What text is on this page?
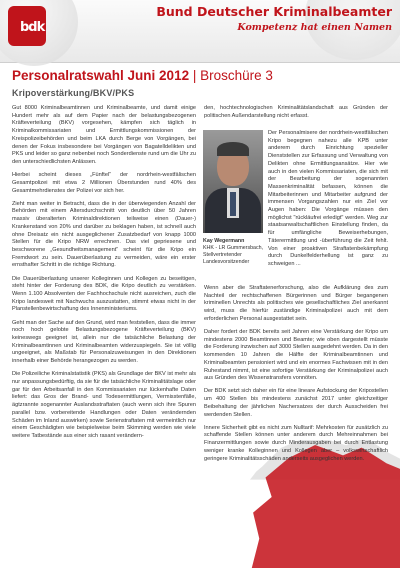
bdk
Bund Deutscher Kriminalbeamter
Kompetenz hat einen Namen
Personalratswahl Juni 2012 | Broschüre 3
Kripoverstärkung/BKV/PKS

Gut 8000 Kriminalbeamtinnen und Kriminalbeamte, und damit einige Hundert mehr als auf dem Papier nach der belastungsbezogenen Kräfteverteilung (BKV) vorgesehen, kämpfen sich täglich in Kriminalkommissariaten und Ermittlungskommissionen der Kreispolizeibehörden und beim LKA durch Berge von Vorgängen, bei denen der Fokus insbesondere bei Vorgängen von Bagatelldelikten und PKS und leider so ganz nebenbei noch Sonderdienste rund um die Uhr zu den unterschiedlichsten Anlässen.

Hierbei scheint dieses „Fünftel“ der nordrhein-westfälischen Gesamtpolizei mit etwa 2 Millionen Überstunden rund 40% des Gesamtmehrdienstes der Polizei vor sich her.

Zieht man weiter in Betracht, dass die in der überwiegenden Anzahl der Behörden mit einem Altersdurchschnitt von deutlich über 50 Jahren massiv überalterten Kriminaldirektionen teilweise einen (Dauer-) Krankenstand von 20% und darüber zu beklagen haben, ist schnell auch ohne Dreisatz ein nicht ausgeglichener Zusatzbedarf von knapp 1000 Stellen für die Kripo NRW errechnen. Das viel gepriesene und beschworene „Gesundheitsmanagement“ scheint für die Kripo ein Fremdwort zu sein. Dauerüberlastung zu vermeiden, wäre ein erster ernsthafter Schritt in die richtige Richtung.

Die Dauerüberlastung unserer Kolleginnen und Kollegen zu beseitigen, steht hinter der Forderung des BDK, die Kripo deutlich zu verstärken. Wenn 1.100 Absolventen der Fachhochschule nicht ausreichen, zuch die Kripo landesweit mit Nachwuchs auszustatten, stimmt etwas nicht in der Planstellenbewirtschaftung des Innenministeriums.

Geht man der Sache auf den Grund, wird man feststellen, dass die immer noch hoch gelobte Belastungsbezogene Kräfteverteilung (BKV) keineswegs geeignet ist, allein nur die tatsächliche Belastung der Kriminalbeamtinnen und Kriminalbeamten widerzuspiegeln. Sie ist völlig ungeeignet, als Maßstab für Personalzuweisungen in den Direktionen innerhalb einer Behörde herangezogen zu werden.

Die Polizeiliche Kriminalstatistik (PKS) als Grundlage der BKV ist mehr als nur anpassungsbedürftig, da sie für die tatsächliche Kriminalitätslage oder gar für den Arbeitsanfall in den Kommissariaten nur lückenhafte Daten liefert: das Gros der Brand- und Todesermittlungen, Vermisstenfälle, ägtzrannte sogenannter Auslandsstraftaten (auch wenn sich ihre Spuren parallel bzw. vorbereitende Handlungen oder Daten verändernden Schäden im Inland auswirken) sowie Serienstraftaten mit vermeintlich nur einem Geschädigten wie beispielweise beim Skimming werden wie viele weitere Tatbestände aus einer sich rasant verändern-

den, hochtechnologischen Kriminalitätslandschaft aus Gründen der politischen Außendarstellung nicht erfasst.

Der Personalmisere der nordrhein-westfälischen Kripo begegnen nahezu alle KPB unter anderem durch Einrichtung spezieller Dienststellen zur Erfassung und Verwaltung von Delikten ohne Ermittlungsansätze. Hier wie auch in den vielen Kommissariaten, die sich mit der Bearbeitung der sogenannten Massenkriminalität befassen, können die Mitarbeiterinnen und Mitarbeiter aufgrund der immensen Vorgangszahlen nur ein Ziel vor Augen haben: Die Vorgänge müssen den möglichst "rückläufrei erledigt" werden. Weg zur staatsanwaltschaftlichen Einstellung finden, da für umfängliche Beweiserhebungen, Täterermittlung und -überführung die Zeit fehlt. Von einer proaktiven Straftatenbekämpfung durch Dunkelfelderhellung ist ganz zu schweigen ...

Kay Wegermann
KHK - LR Gummersbach, Stellvertretender Landesvorsitzender

Wenn aber die Straftatenerforschung, also die Aufklärung des zum Nachteil der rechtschaffenen Bürgerinnen und Bürger begangenen kriminellen Unrechts als politisches wie gesellschaftliches Ziel anerkannt wird, muss die hierfür zuständige Kriminalpolizei auch mit dem erforderlichen Personal ausgestattet sein.

Daher fordert der BDK bereits seit Jahren eine Verstärkung der Kripo um mindestens 2000 Beamtinnen und Beamte; wie oben dargestellt müsste die Forderung inzwischen auf 3000 Stellen ausgedehnt werden. Da in den kommenden 10 Jahren die Hälfte der Kriminalbeamtinnen und Kriminalbeamten pensioniert wird und ein enormes Fachwissen mit in den Ruhestand nimmt, ist eine sofortige Verstärkung der Kriminalpolizei auch aus Gründen des Wissenstransfers vonnöten.

Der BDK setzt sich daher ein für eine lineare Aufstockung der Kripostellen um 400 Stellen bis mindestens zunächst 2017 unter gleichzeitiger Beibehaltung der jährlichen Nachersatzes der durch Ausscheiden frei werdenden Stellen.

Innere Sicherheit gibt es nicht zum Nulltarif: Mehrkosten für zusätzlich zu schaffende Stellen können unter anderem durch Mehreinnahmen bei Finanzermittlungen sowie durch Minderausgaben bei durch Entlastung weniger kranke Kolleginnen und Kollegen aber – volkswirtschaftlich geringere Kriminalitätsschäden anderseits ausgeglichen werden.
